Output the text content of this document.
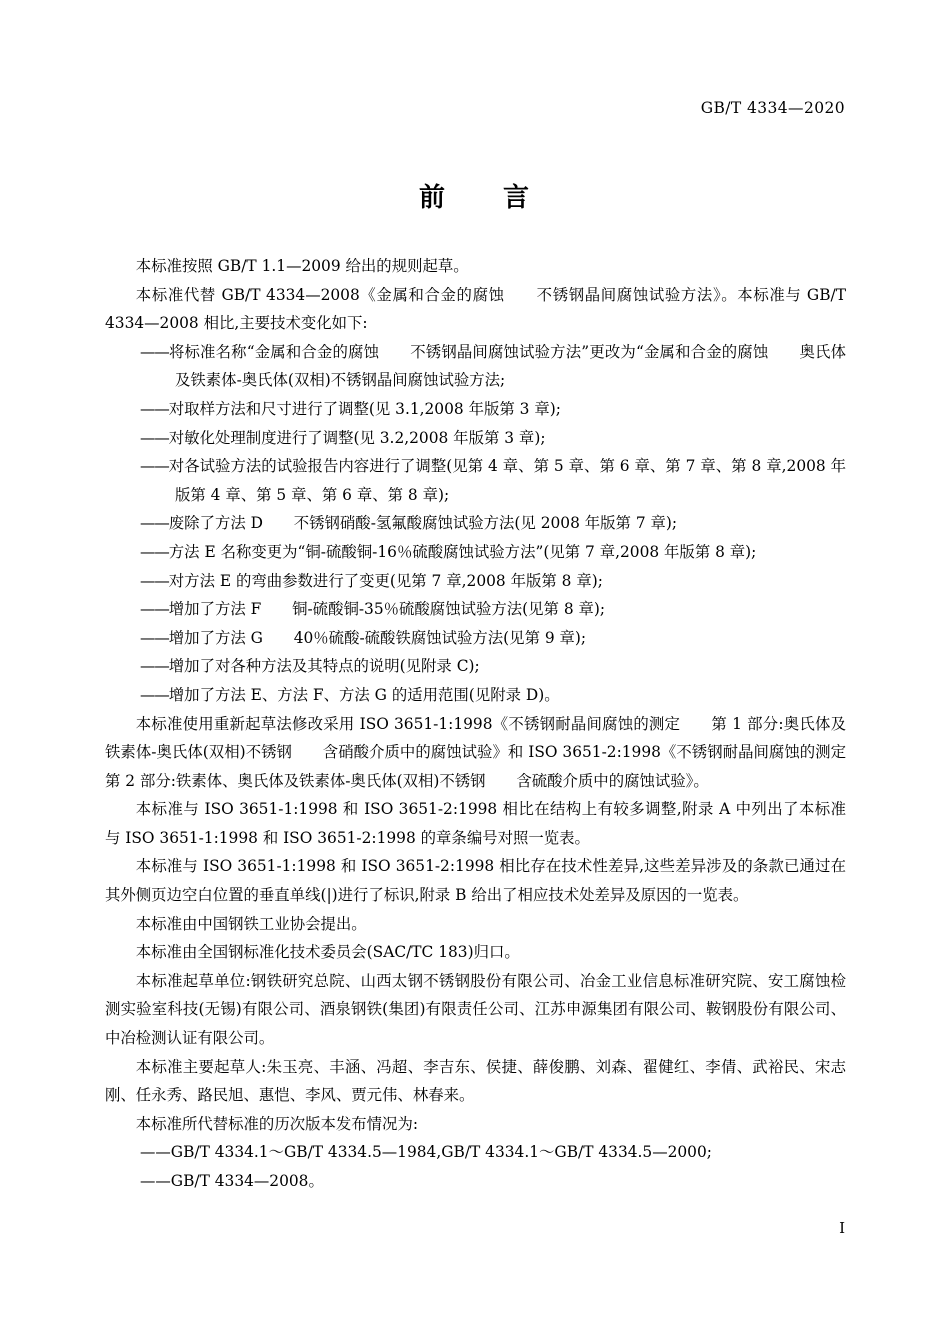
GB/T 4334—2020
前　　言

本标准按照 GB/T 1.1—2009 给出的规则起草。

本标准代替 GB/T 4334—2008《金属和合金的腐蚀　　不锈钢晶间腐蚀试验方法》。本标准与 GB/T 4334—2008 相比,主要技术变化如下:

——将标准名称“金属和合金的腐蚀　　不锈钢晶间腐蚀试验方法”更改为“金属和合金的腐蚀　　奥氏体及铁素体-奥氏体(双相)不锈钢晶间腐蚀试验方法;
——对取样方法和尺寸进行了调整(见 3.1,2008 年版第 3 章);
——对敏化处理制度进行了调整(见 3.2,2008 年版第 3 章);
——对各试验方法的试验报告内容进行了调整(见第 4 章、第 5 章、第 6 章、第 7 章、第 8 章,2008 年版第 4 章、第 5 章、第 6 章、第 8 章);
——废除了方法 D　　不锈钢硝酸-氢氟酸腐蚀试验方法(见 2008 年版第 7 章);
——方法 E 名称变更为“铜-硫酸铜-16％硫酸腐蚀试验方法”(见第 7 章,2008 年版第 8 章);
——对方法 E 的弯曲参数进行了变更(见第 7 章,2008 年版第 8 章);
——增加了方法 F　　铜-硫酸铜-35％硫酸腐蚀试验方法(见第 8 章);
——增加了方法 G　　40％硫酸-硫酸铁腐蚀试验方法(见第 9 章);
——增加了对各种方法及其特点的说明(见附录 C);
——增加了方法 E、方法 F、方法 G 的适用范围(见附录 D)。

本标准使用重新起草法修改采用 ISO 3651-1:1998《不锈钢耐晶间腐蚀的测定　　第 1 部分:奥氏体及铁素体-奥氏体(双相)不锈钢　　含硝酸介质中的腐蚀试验》和 ISO 3651-2:1998《不锈钢耐晶间腐蚀的测定　　第 2 部分:铁素体、奥氏体及铁素体-奥氏体(双相)不锈钢　　含硫酸介质中的腐蚀试验》。

本标准与 ISO 3651-1:1998 和 ISO 3651-2:1998 相比在结构上有较多调整,附录 A 中列出了本标准与 ISO 3651-1:1998 和 ISO 3651-2:1998 的章条编号对照一览表。

本标准与 ISO 3651-1:1998 和 ISO 3651-2:1998 相比存在技术性差异,这些差异涉及的条款已通过在其外侧页边空白位置的垂直单线(|)进行了标识,附录 B 给出了相应技术处差异及原因的一览表。

本标准由中国钢铁工业协会提出。

本标准由全国钢标准化技术委员会(SAC/TC 183)归口。

本标准起草单位:钢铁研究总院、山西太钢不锈钢股份有限公司、冶金工业信息标准研究院、安工腐蚀检测实验室科技(无锡)有限公司、酒泉钢铁(集团)有限责任公司、江苏申源集团有限公司、鞍钢股份有限公司、中冶检测认证有限公司。

本标准主要起草人:朱玉亮、丰涵、冯超、李吉东、侯捷、薛俊鹏、刘森、翟健红、李倩、武裕民、宋志刚、任永秀、路民旭、惠恺、李风、贾元伟、林春来。

本标准所代替标准的历次版本发布情况为:

——GB/T 4334.1～GB/T 4334.5—1984,GB/T 4334.1～GB/T 4334.5—2000;
——GB/T 4334—2008。
I
